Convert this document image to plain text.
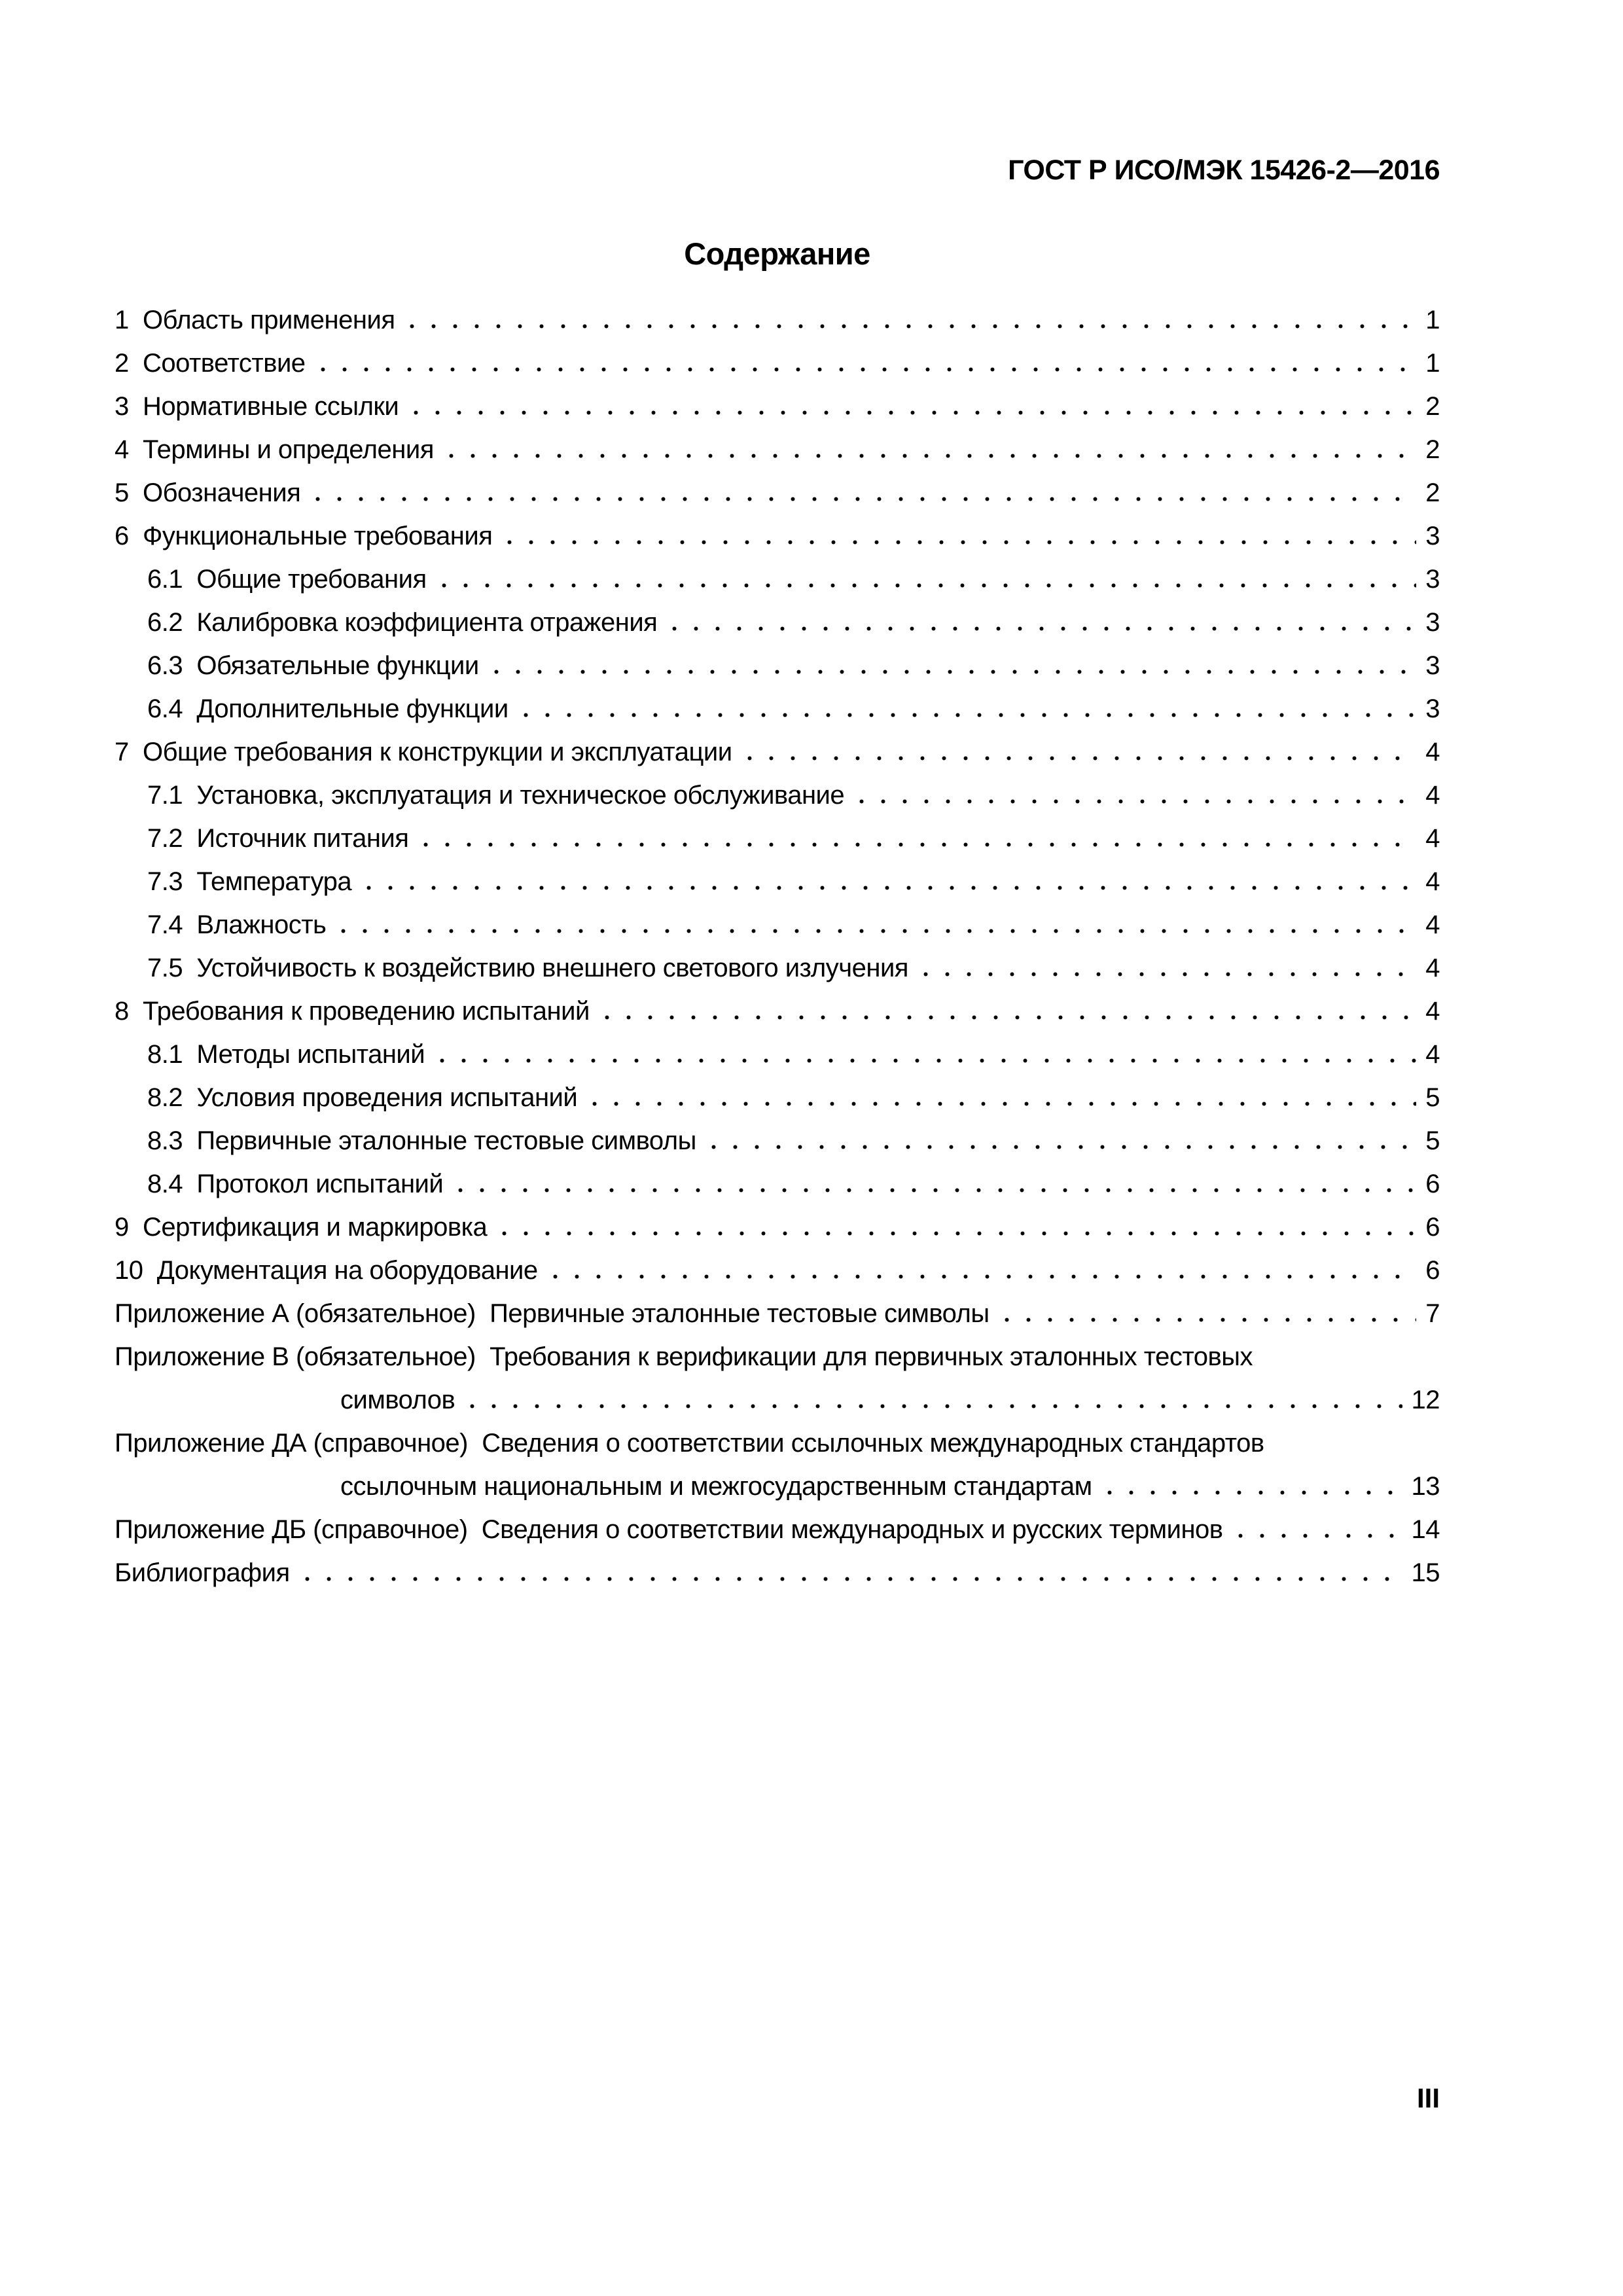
ГОСТ Р ИСО/МЭК 15426-2—2016
Содержание
1  Область применения	1
2  Соответствие	1
3  Нормативные ссылки	2
4  Термины и определения	2
5  Обозначения	2
6  Функциональные требования	3
6.1  Общие требования	3
6.2  Калибровка коэффициента отражения	3
6.3  Обязательные функции	3
6.4  Дополнительные функции	3
7  Общие требования к конструкции и эксплуатации	4
7.1  Установка, эксплуатация и техническое обслуживание	4
7.2  Источник питания	4
7.3  Температура	4
7.4  Влажность	4
7.5  Устойчивость к воздействию внешнего светового излучения	4
8  Требования к проведению испытаний	4
8.1  Методы испытаний	4
8.2  Условия проведения испытаний	5
8.3  Первичные эталонные тестовые символы	5
8.4  Протокол испытаний	6
9  Сертификация и маркировка	6
10  Документация на оборудование	6
Приложение А (обязательное)  Первичные эталонные тестовые символы	7
Приложение В (обязательное)  Требования к верификации для первичных эталонных тестовых
символов	12
Приложение ДА (справочное)  Сведения о соответствии ссылочных международных стандартов
ссылочным национальным и межгосударственным стандартам	13
Приложение ДБ (справочное)  Сведения о соответствии международных и русских терминов	14
Библиография	15
III
